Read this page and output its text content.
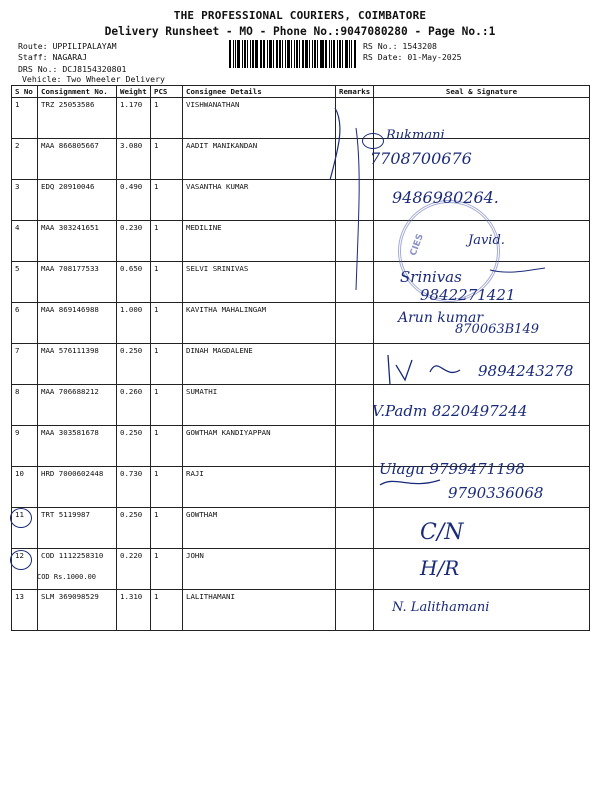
THE PROFESSIONAL COURIERS, COIMBATORE
Delivery Runsheet - MO - Phone No.:9047080280 - Page No.:1
Route: UPPILIPALAYAM
Staff: NAGARAJ
DRS No.: DCJ8154320801
Vehicle: Two Wheeler Delivery
RS No.: 1543208
RS Date: 01-May-2025
S No	Consignment No.	Weight	PCS	Consignee Details	Remarks	Seal & Signature
1	TRZ 25053586	1.170	1	VISHWANATHAN		
2	MAA 866805667	3.080	1	AADIT MANIKANDAN		
3	EDQ 20910046	0.490	1	VASANTHA KUMAR		
4	MAA 303241651	0.230	1	MEDILINE		
5	MAA 708177533	0.650	1	SELVI SRINIVAS		
6	MAA 869146988	1.000	1	KAVITHA MAHALINGAM		
7	MAA 576111398	0.250	1	DINAH MAGDALENE		
8	MAA 706688212	0.260	1	SUMATHI		
9	MAA 303581678	0.250	1	GOWTHAM KANDIYAPPAN		
10	HRD 7000602448	0.730	1	RAJI		
11	TRT 5119987	0.250	1	GOWTHAM		
12	COD 1112258310	0.220	1	JOHN		
13	SLM 369098529	1.310	1	LALITHAMANI		
COD Rs.1000.00
CIES
Rukmani
7708700676
9486980264.
Javid.
Srinivas
9842271421
Arun kumar
870063B149
9894243278
V.Padm 8220497244
Ulagu 9799471198
9790336068
C/N
H/R
N. Lalithamani
